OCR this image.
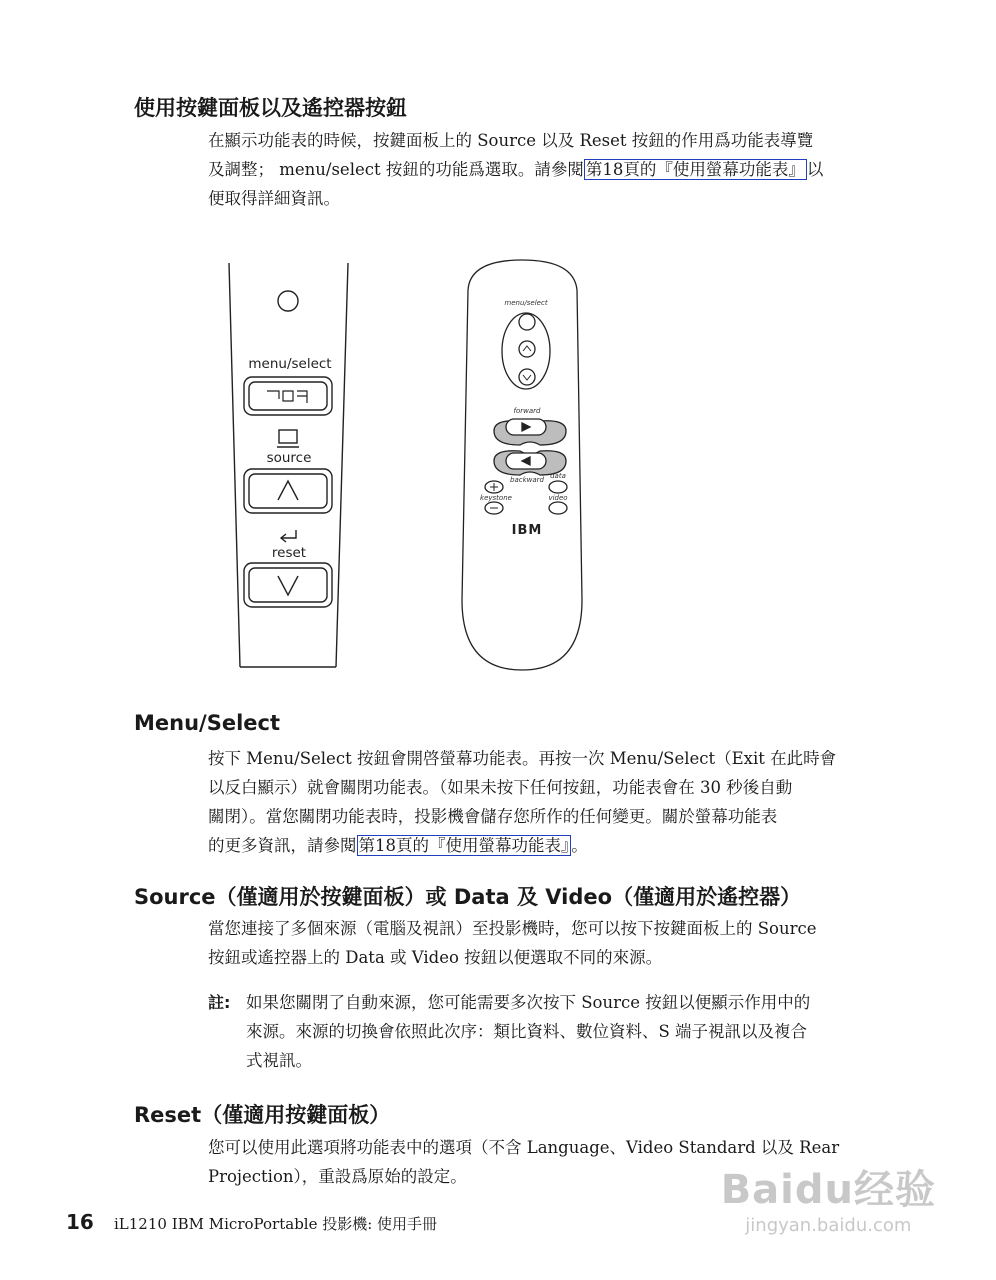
使用按鍵面板以及遙控器按鈕
在顯示功能表的時候，按鍵面板上的 Source 以及 Reset 按鈕的作用爲功能表導覽
及調整； menu/select 按鈕的功能爲選取。請參閱 第18頁的『使用螢幕功能表』 以
便取得詳細資訊。
menu/select
source
reset
menu/select
forward
backward data
keystone	video
IBM
Menu/Select
按下 Menu/Select 按鈕會開啓螢幕功能表。再按一次 Menu/Select（Exit 在此時會
以反白顯示）就會關閉功能表。（如果未按下任何按鈕，功能表會在 30 秒後自動
關閉）。當您關閉功能表時，投影機會儲存您所作的任何變更。關於螢幕功能表
的更多資訊，請參閱 第18頁的『使用螢幕功能表』 。
Source（僅適用於按鍵面板）或 Data 及 Video（僅適用於遙控器）
當您連接了多個來源（電腦及視訊）至投影機時，您可以按下按鍵面板上的 Source
按鈕或遙控器上的 Data 或 Video 按鈕以便選取不同的來源。
註: 如果您關閉了自動來源，您可能需要多次按下 Source 按鈕以便顯示作用中的
來源。來源的切換會依照此次序：類比資料、數位資料、S 端子視訊以及複合
式視訊。
Reset（僅適用按鍵面板）
您可以使用此選項將功能表中的選項（不含 Language、Video Standard 以及 Rear
Projection），重設爲原始的設定。
16 iL1210 IBM MicroPortable 投影機: 使用手冊
Baidu经验
jingyan.baidu.com
